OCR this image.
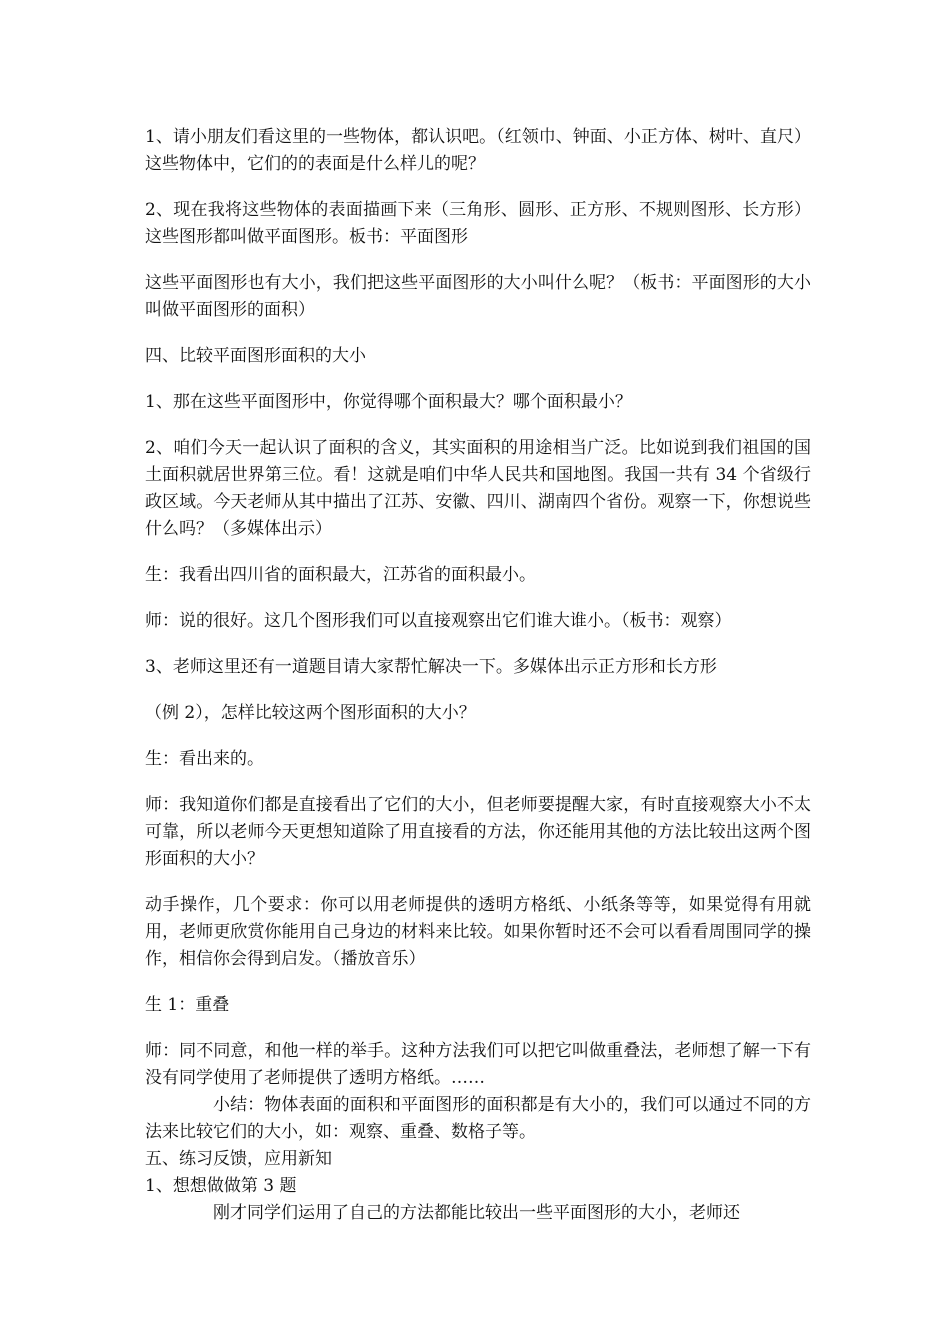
1、请小朋友们看这里的一些物体，都认识吧。（红领巾、钟面、小正方体、树叶、直尺）这些物体中，它们的的表面是什么样儿的呢？

2、现在我将这些物体的表面描画下来（三角形、圆形、正方形、不规则图形、长方形）这些图形都叫做平面图形。板书：平面图形

这些平面图形也有大小，我们把这些平面图形的大小叫什么呢？（板书：平面图形的大小叫做平面图形的面积）

四、比较平面图形面积的大小

1、那在这些平面图形中，你觉得哪个面积最大？哪个面积最小？

2、咱们今天一起认识了面积的含义，其实面积的用途相当广泛。比如说到我们祖国的国土面积就居世界第三位。看！这就是咱们中华人民共和国地图。我国一共有 34 个省级行政区域。今天老师从其中描出了江苏、安徽、四川、湖南四个省份。观察一下，你想说些什么吗？（多媒体出示）

生：我看出四川省的面积最大，江苏省的面积最小。

师：说的很好。这几个图形我们可以直接观察出它们谁大谁小。（板书：观察）

3、老师这里还有一道题目请大家帮忙解决一下。多媒体出示正方形和长方形

（例 2），怎样比较这两个图形面积的大小？

生：看出来的。

师：我知道你们都是直接看出了它们的大小，但老师要提醒大家，有时直接观察大小不太可靠，所以老师今天更想知道除了用直接看的方法，你还能用其他的方法比较出这两个图形面积的大小？

动手操作，几个要求：你可以用老师提供的透明方格纸、小纸条等等，如果觉得有用就用，老师更欣赏你能用自己身边的材料来比较。如果你暂时还不会可以看看周围同学的操作，相信你会得到启发。（播放音乐）

生 1：重叠

师：同不同意，和他一样的举手。这种方法我们可以把它叫做重叠法，老师想了解一下有没有同学使用了老师提供了透明方格纸。……

小结：物体表面的面积和平面图形的面积都是有大小的，我们可以通过不同的方法来比较它们的大小，如：观察、重叠、数格子等。

五、练习反馈，应用新知

1、想想做做第 3 题

刚才同学们运用了自己的方法都能比较出一些平面图形的大小，老师还
